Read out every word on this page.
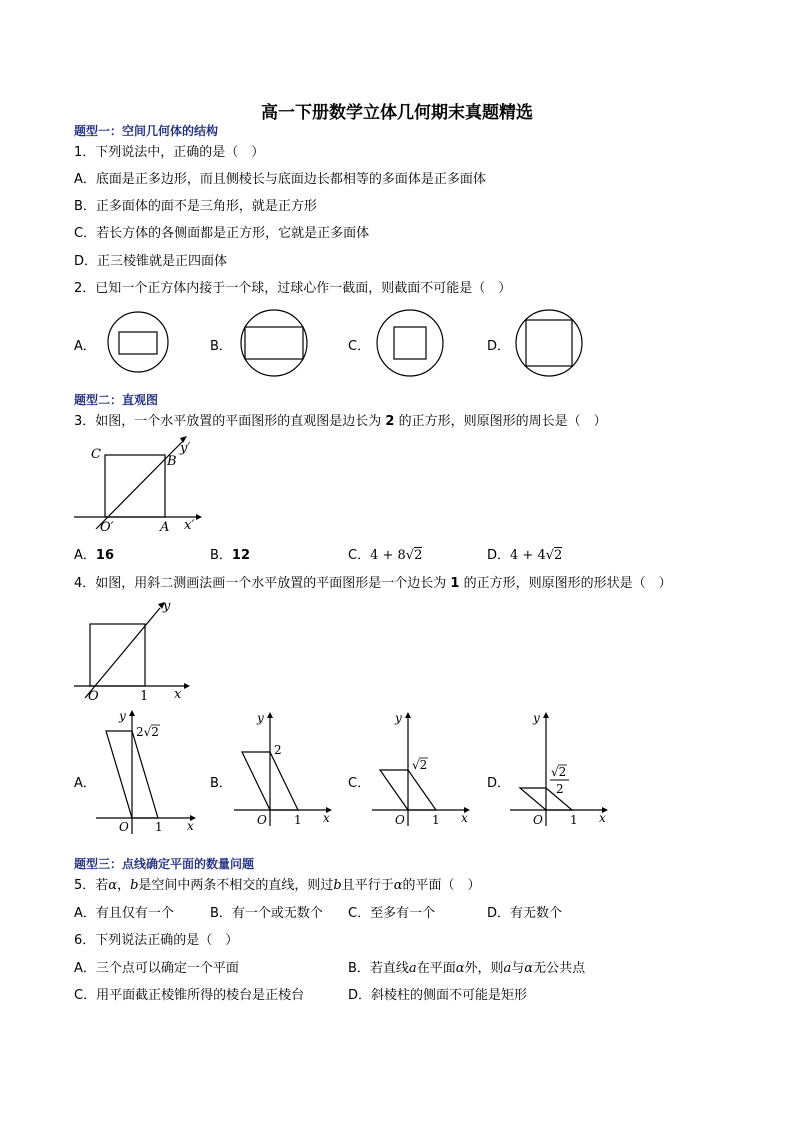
高一下册数学立体几何期末真题精选
题型一：空间几何体的结构
1．下列说法中，正确的是（　）
A．底面是正多边形，而且侧棱长与底面边长都相等的多面体是正多面体
B．正多面体的面不是三角形，就是正方形
C．若长方体的各侧面都是正方形，它就是正多面体
D．正三棱锥就是正四面体
2．已知一个正方体内接于一个球，过球心作一截面，则截面不可能是（　）
A．	B．	C．	D．
题型二：直观图
3．如图，一个水平放置的平面图形的直观图是边长为 2 的正方形，则原图形的周长是（　）
C	B
O′	A x′
y′
A．16	B．12	C．4 + 8√2	D．4 + 4√2
4．如图，用斜二测画法画一个水平放置的平面图形是一个边长为 1 的正方形，则原图形的形状是（　）
y
O	1 x
A．
y
2√2
O 1 x
B．
y
2
O 1 x
C．
y
√2
O 1 x
D．
y
√2
2
O 1 x
题型三：点线确定平面的数量问题
5．若α，b是空间中两条不相交的直线，则过b且平行于α的平面（　）
A．有且仅有一个	B．有一个或无数个 C．至多有一个	D．有无数个
6．下列说法正确的是（　）
A．三个点可以确定一个平面	B．若直线a在平面α外，则a与α无公共点
C．用平面截正棱锥所得的棱台是正棱台	D．斜棱柱的侧面不可能是矩形
